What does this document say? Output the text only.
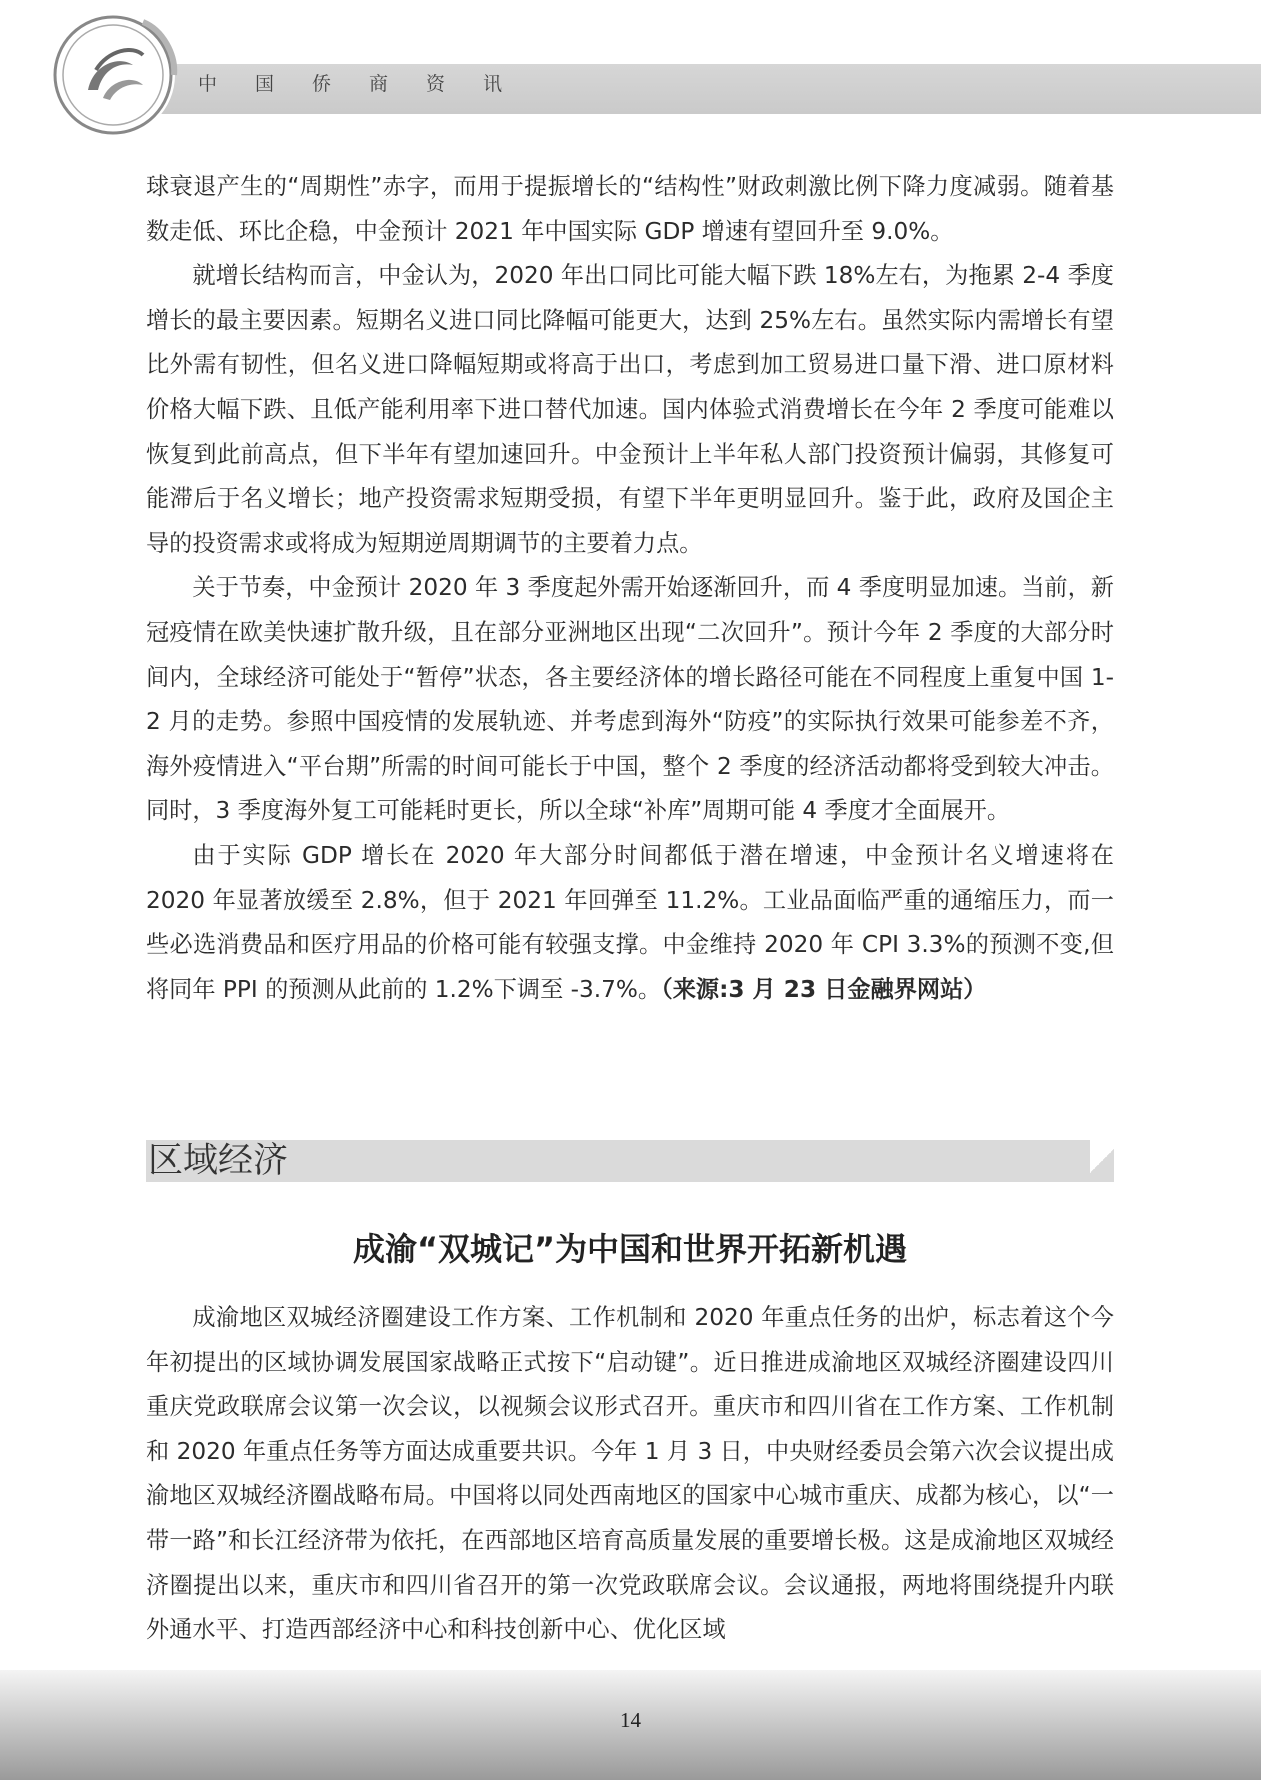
中国侨商资讯

球衰退产生的“周期性”赤字，而用于提振增长的“结构性”财政刺激比例下降力度减弱。随着基数走低、环比企稳，中金预计 2021 年中国实际 GDP 增速有望回升至 9.0%。

就增长结构而言，中金认为，2020 年出口同比可能大幅下跌 18%左右，为拖累 2-4 季度增长的最主要因素。短期名义进口同比降幅可能更大，达到 25%左右。虽然实际内需增长有望比外需有韧性，但名义进口降幅短期或将高于出口，考虑到加工贸易进口量下滑、进口原材料价格大幅下跌、且低产能利用率下进口替代加速。国内体验式消费增长在今年 2 季度可能难以恢复到此前高点，但下半年有望加速回升。中金预计上半年私人部门投资预计偏弱，其修复可能滞后于名义增长；地产投资需求短期受损，有望下半年更明显回升。鉴于此，政府及国企主导的投资需求或将成为短期逆周期调节的主要着力点。

关于节奏，中金预计 2020 年 3 季度起外需开始逐渐回升，而 4 季度明显加速。当前，新冠疫情在欧美快速扩散升级，且在部分亚洲地区出现“二次回升”。预计今年 2 季度的大部分时间内，全球经济可能处于“暂停”状态，各主要经济体的增长路径可能在不同程度上重复中国 1-2 月的走势。参照中国疫情的发展轨迹、并考虑到海外“防疫”的实际执行效果可能参差不齐，海外疫情进入“平台期”所需的时间可能长于中国，整个 2 季度的经济活动都将受到较大冲击。同时，3 季度海外复工可能耗时更长，所以全球“补库”周期可能 4 季度才全面展开。

由于实际 GDP 增长在 2020 年大部分时间都低于潜在增速，中金预计名义增速将在 2020 年显著放缓至 2.8%，但于 2021 年回弹至 11.2%。工业品面临严重的通缩压力，而一些必选消费品和医疗用品的价格可能有较强支撑。中金维持 2020 年 CPI 3.3%的预测不变,但将同年 PPI 的预测从此前的 1.2%下调至 -3.7%。（来源:3 月 23 日金融界网站）

区域经济
成渝“双城记”为中国和世界开拓新机遇

成渝地区双城经济圈建设工作方案、工作机制和 2020 年重点任务的出炉，标志着这个今年初提出的区域协调发展国家战略正式按下“启动键”。近日推进成渝地区双城经济圈建设四川重庆党政联席会议第一次会议，以视频会议形式召开。重庆市和四川省在工作方案、工作机制和 2020 年重点任务等方面达成重要共识。今年 1 月 3 日，中央财经委员会第六次会议提出成渝地区双城经济圈战略布局。中国将以同处西南地区的国家中心城市重庆、成都为核心，以“一带一路”和长江经济带为依托，在西部地区培育高质量发展的重要增长极。这是成渝地区双城经济圈提出以来，重庆市和四川省召开的第一次党政联席会议。会议通报，两地将围绕提升内联外通水平、打造西部经济中心和科技创新中心、优化区域

14
